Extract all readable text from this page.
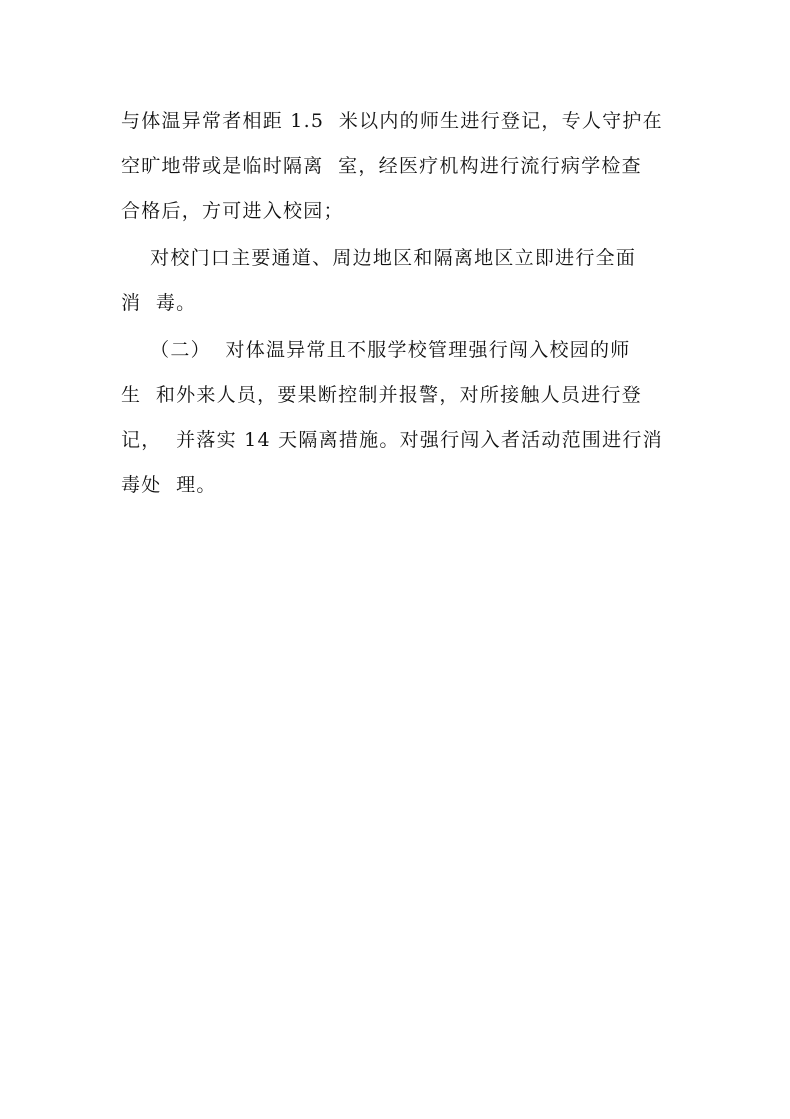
与体温异常者相距 1.5  米以内的师生进行登记，专人守护在
空旷地带或是临时隔离  室，经医疗机构进行流行病学检查
合格后，方可进入校园；
对校门口主要通道、周边地区和隔离地区立即进行全面
消  毒。
（二）  对体温异常且不服学校管理强行闯入校园的师
生  和外来人员，要果断控制并报警，对所接触人员进行登
记，  并落实 14 天隔离措施。对强行闯入者活动范围进行消
毒处  理。
